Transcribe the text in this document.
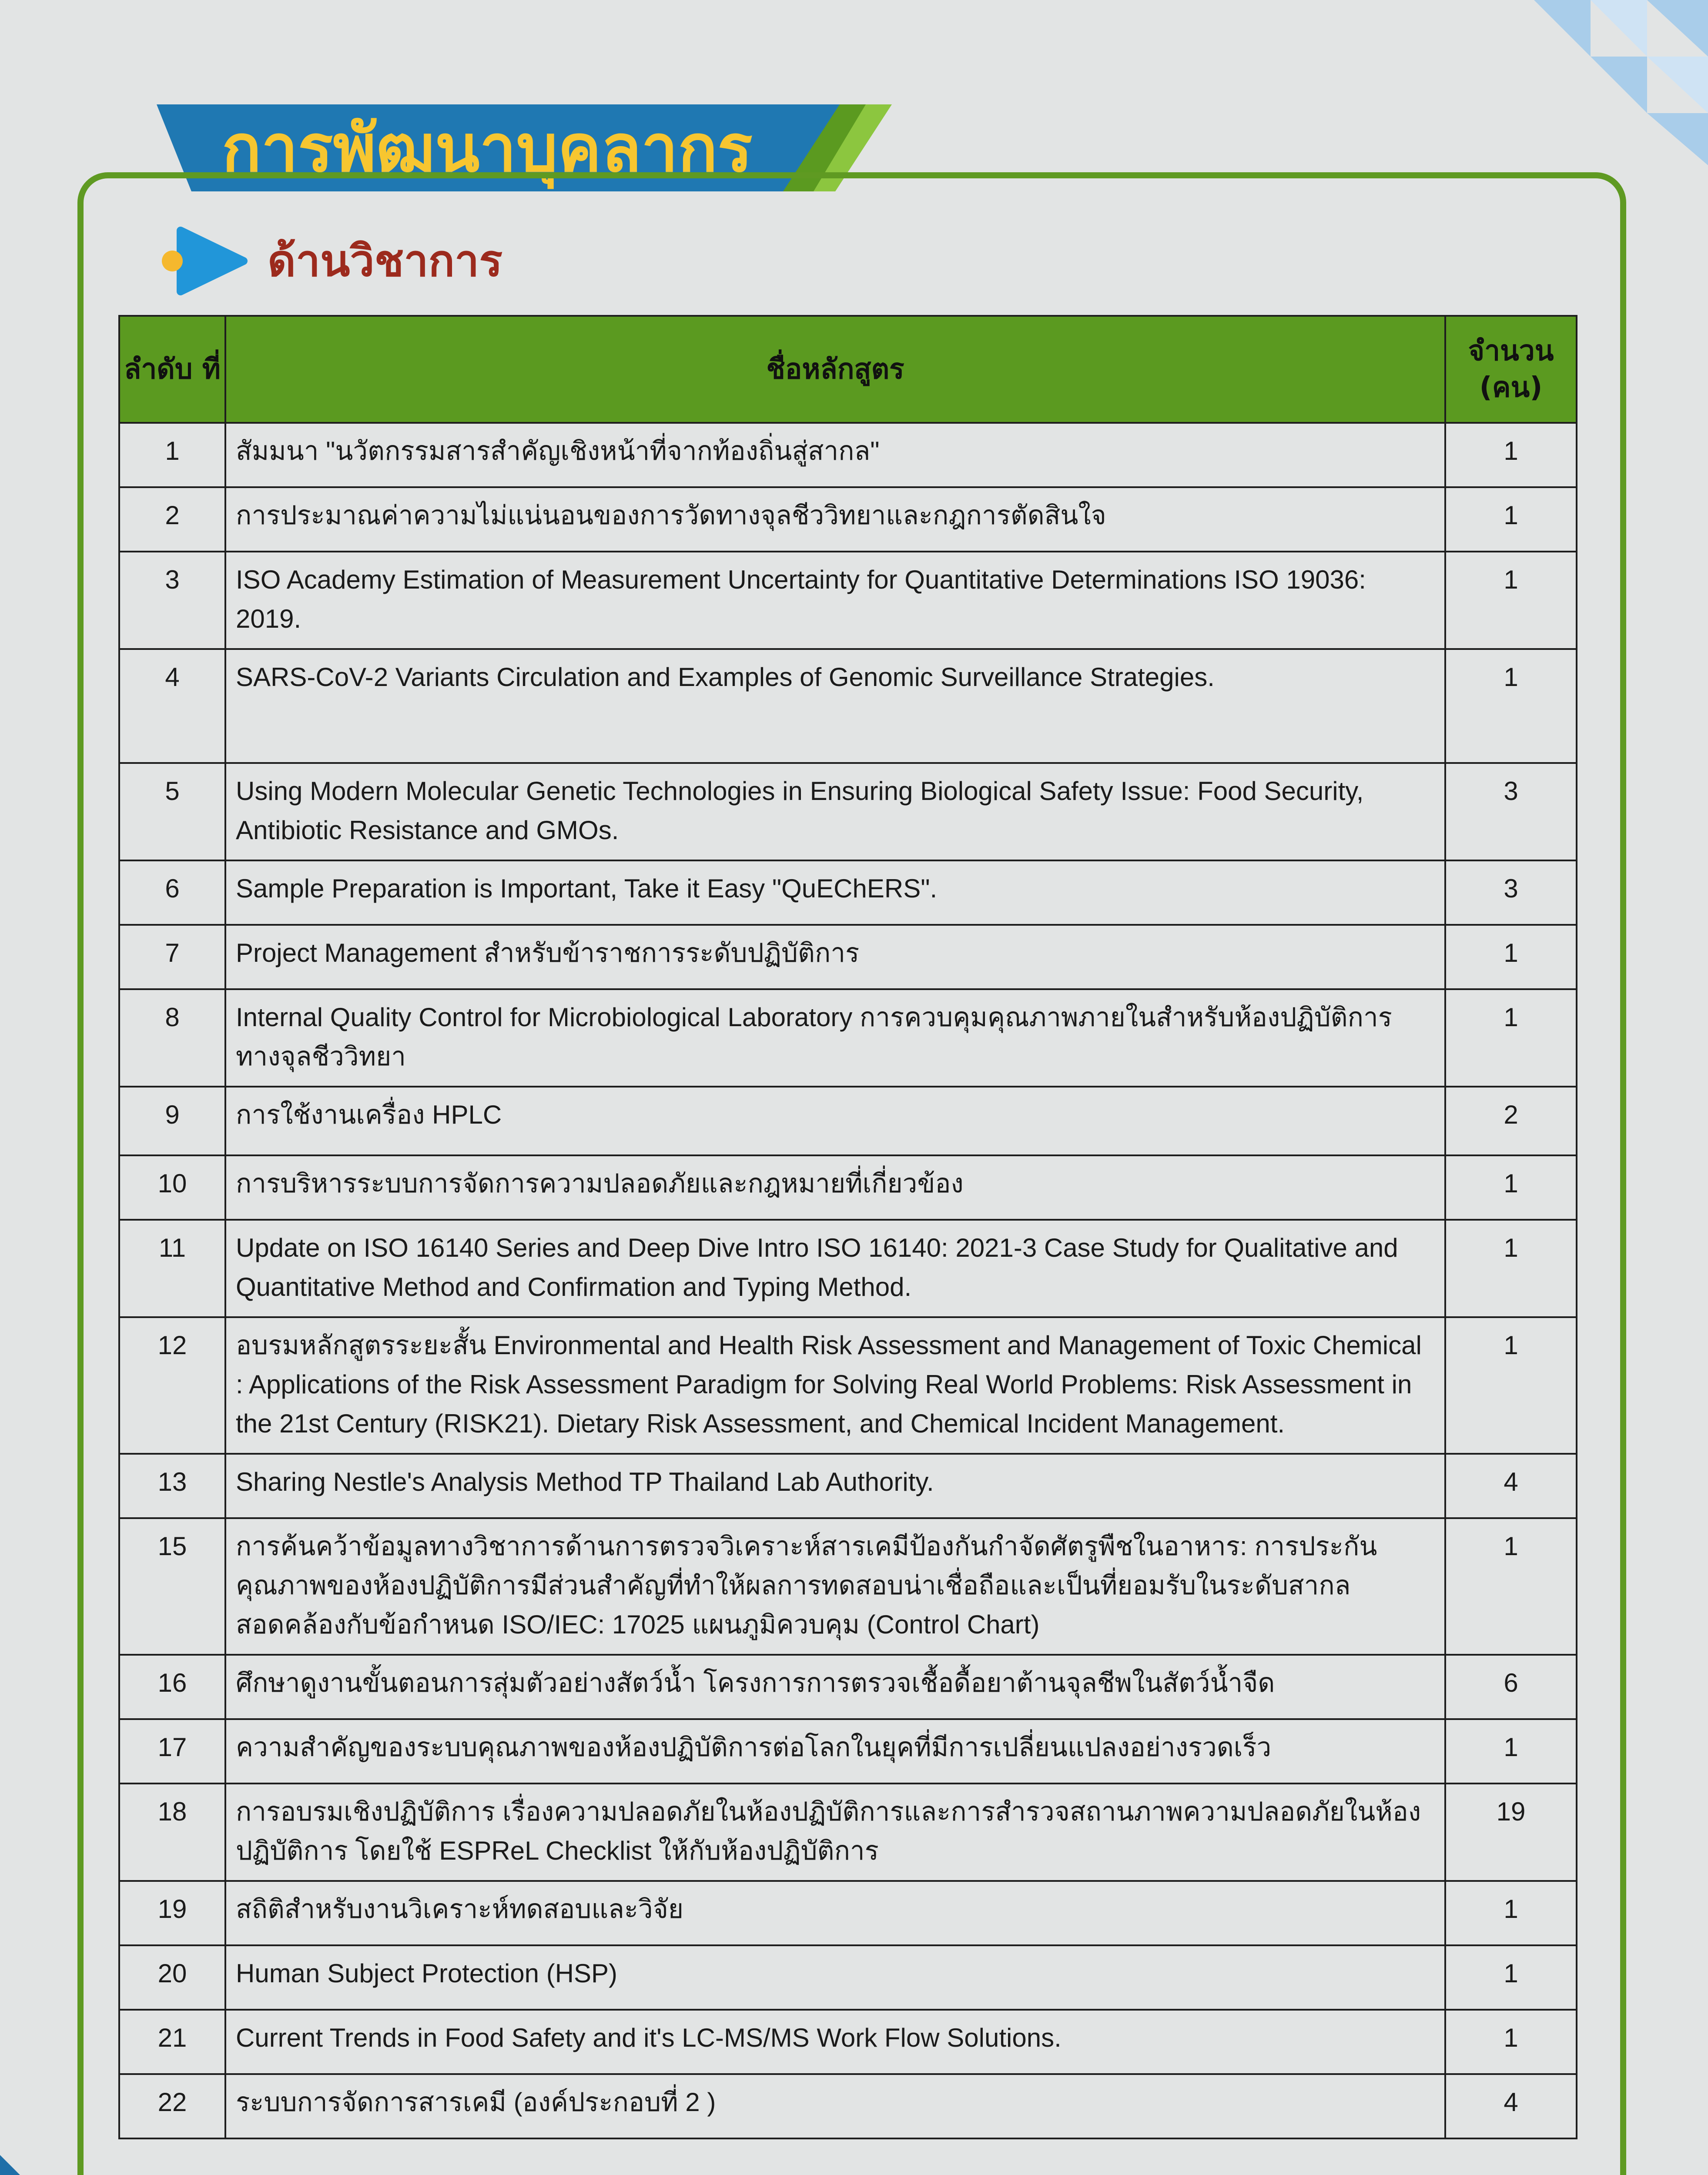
การพัฒนาบุคลากร
ด้านวิชาการ
ลำดับ ที่	ชื่อหลักสูตร	จำนวน (คน)
1	สัมมนา "นวัตกรรมสารสำคัญเชิงหน้าที่จากท้องถิ่นสู่สากล"	1
2	การประมาณค่าความไม่แน่นอนของการวัดทางจุลชีววิทยาและกฎการตัดสินใจ	1
3	ISO Academy Estimation of Measurement Uncertainty for Quantitative Determinations ISO 19036: 2019.	1
4	SARS-CoV-2 Variants Circulation and Examples of Genomic Surveillance Strategies.	1
5	Using Modern Molecular Genetic Technologies in Ensuring Biological Safety Issue: Food Security, Antibiotic Resistance and GMOs.	3
6	Sample Preparation is Important, Take it Easy "QuEChERS".	3
7	Project Management สำหรับข้าราชการระดับปฏิบัติการ	1
8	Internal Quality Control for Microbiological Laboratory การควบคุมคุณภาพภายในสำหรับห้องปฏิบัติการทางจุลชีววิทยา	1
9	การใช้งานเครื่อง HPLC	2
10	การบริหารระบบการจัดการความปลอดภัยและกฎหมายที่เกี่ยวข้อง	1
11	Update on ISO 16140 Series and Deep Dive Intro ISO 16140: 2021-3 Case Study for Qualitative and Quantitative Method and Confirmation and Typing Method.	1
12	อบรมหลักสูตรระยะสั้น Environmental and Health Risk Assessment and Management of Toxic Chemical : Applications of the Risk Assessment Paradigm for Solving Real World Problems: Risk Assessment in the 21st Century (RISK21). Dietary Risk Assessment, and Chemical Incident Management.	1
13	Sharing Nestle's Analysis Method TP Thailand Lab Authority.	4
15	การค้นคว้าข้อมูลทางวิชาการด้านการตรวจวิเคราะห์สารเคมีป้องกันกำจัดศัตรูพืชในอาหาร: การประกันคุณภาพของห้องปฏิบัติการมีส่วนสำคัญที่ทำให้ผลการทดสอบน่าเชื่อถือและเป็นที่ยอมรับในระดับสากล สอดคล้องกับข้อกำหนด ISO/IEC: 17025 แผนภูมิควบคุม (Control Chart)	1
16	ศึกษาดูงานขั้นตอนการสุ่มตัวอย่างสัตว์น้ำ โครงการการตรวจเชื้อดื้อยาต้านจุลชีพในสัตว์น้ำจืด	6
17	ความสำคัญของระบบคุณภาพของห้องปฏิบัติการต่อโลกในยุคที่มีการเปลี่ยนแปลงอย่างรวดเร็ว	1
18	การอบรมเชิงปฏิบัติการ เรื่องความปลอดภัยในห้องปฏิบัติการและการสำรวจสถานภาพความปลอดภัยในห้องปฏิบัติการ โดยใช้ ESPReL Checklist ให้กับห้องปฏิบัติการ	19
19	สถิติสำหรับงานวิเคราะห์ทดสอบและวิจัย	1
20	Human Subject Protection (HSP)	1
21	Current Trends in Food Safety and it's LC-MS/MS Work Flow Solutions.	1
22	ระบบการจัดการสารเคมี (องค์ประกอบที่ 2 )	4
